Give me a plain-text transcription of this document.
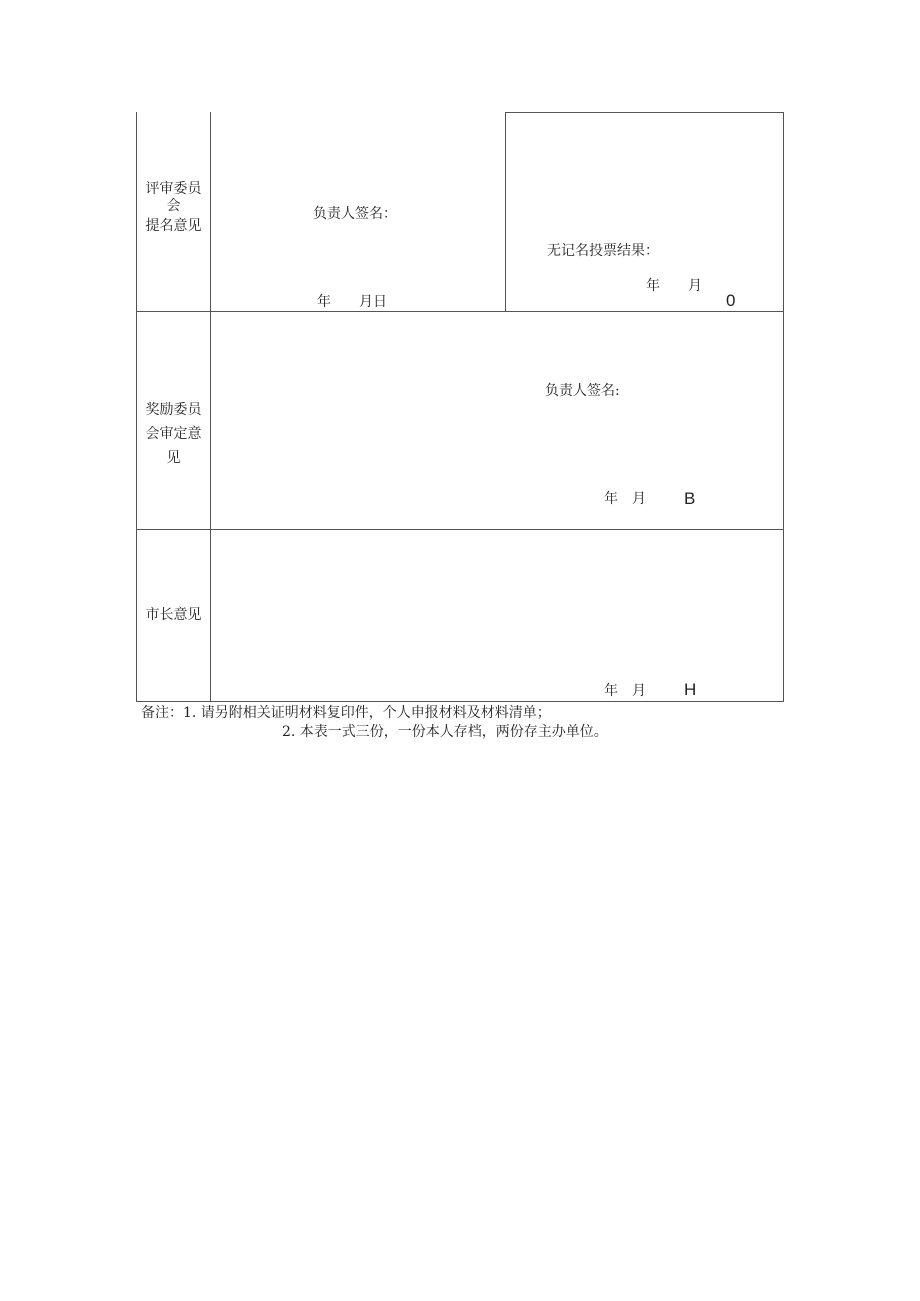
评审委员
会
提名意见
负责人签名：
年　　月日
无记名投票结果：
年　　月
0
奖励委员
会审定意
见
负责人签名:
年　月 B
市长意见
年　月 H
备注：1. 请另附相关证明材料复印件，个人申报材料及材料清单；
2. 本表一式三份，一份本人存档，两份存主办单位。
